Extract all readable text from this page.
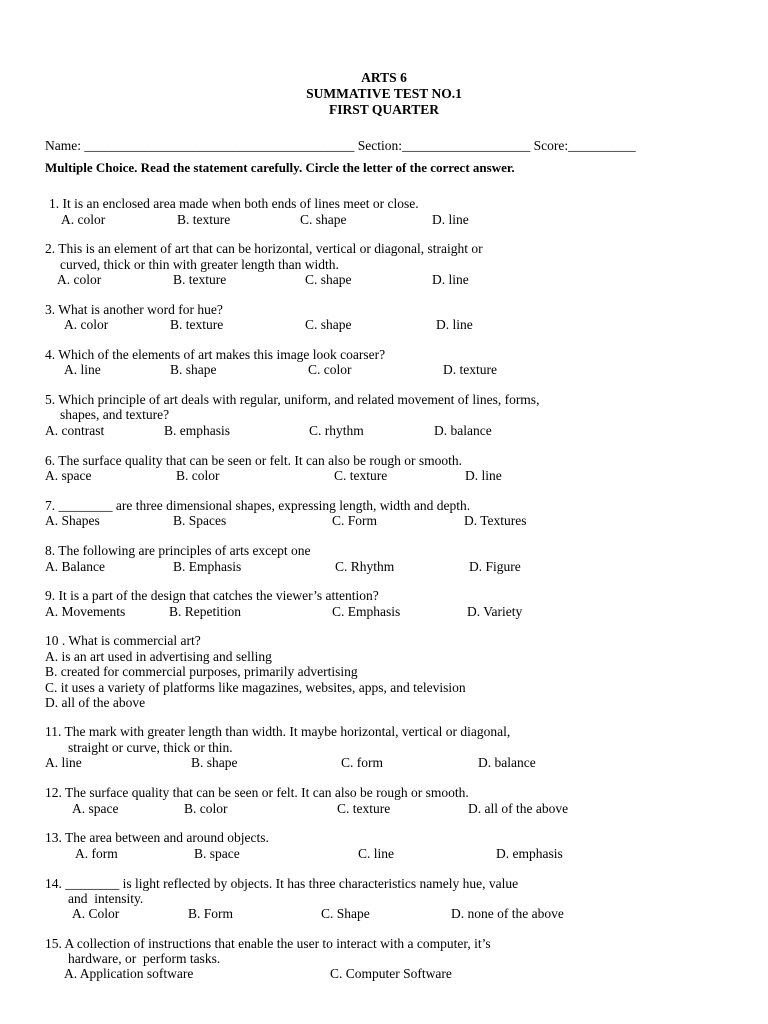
ARTS 6
SUMMATIVE TEST NO.1
FIRST QUARTER
Name: ________________________________________ Section:___________________ Score:__________
Multiple Choice. Read the statement carefully. Circle the letter of the correct answer.
1. It is an enclosed area made when both ends of lines meet or close.
A. color	B. texture	C. shape	D. line
2. This is an element of art that can be horizontal, vertical or diagonal, straight or
curved, thick or thin with greater length than width.
A. color	B. texture	C. shape	D. line
3. What is another word for hue?
A. color	B. texture	C. shape	D. line
4. Which of the elements of art makes this image look coarser?
A. line	B. shape	C. color	D. texture
5. Which principle of art deals with regular, uniform, and related movement of lines, forms,
shapes, and texture?
A. contrast	B. emphasis	C. rhythm	D. balance
6. The surface quality that can be seen or felt. It can also be rough or smooth.
A. space	B. color	C. texture	D. line
7. ________ are three dimensional shapes, expressing length, width and depth.
A. Shapes	B. Spaces	C. Form	D. Textures
8. The following are principles of arts except one
A. Balance	B. Emphasis	C. Rhythm	D. Figure
9. It is a part of the design that catches the viewer’s attention?
A. Movements	B. Repetition	C. Emphasis	D. Variety
10 . What is commercial art?
A. is an art used in advertising and selling
B. created for commercial purposes, primarily advertising
C. it uses a variety of platforms like magazines, websites, apps, and television
D. all of the above
11. The mark with greater length than width. It maybe horizontal, vertical or diagonal,
straight or curve, thick or thin.
A. line	B. shape	C. form	D. balance
12. The surface quality that can be seen or felt. It can also be rough or smooth.
A. space	B. color	C. texture	D. all of the above
13. The area between and around objects.
A. form	B. space	C. line	D. emphasis
14. ________ is light reflected by objects. It has three characteristics namely hue, value
and  intensity.
A. Color	B. Form	C. Shape	D. none of the above
15. A collection of instructions that enable the user to interact with a computer, it’s
hardware, or  perform tasks.
A. Application software	C. Computer Software
